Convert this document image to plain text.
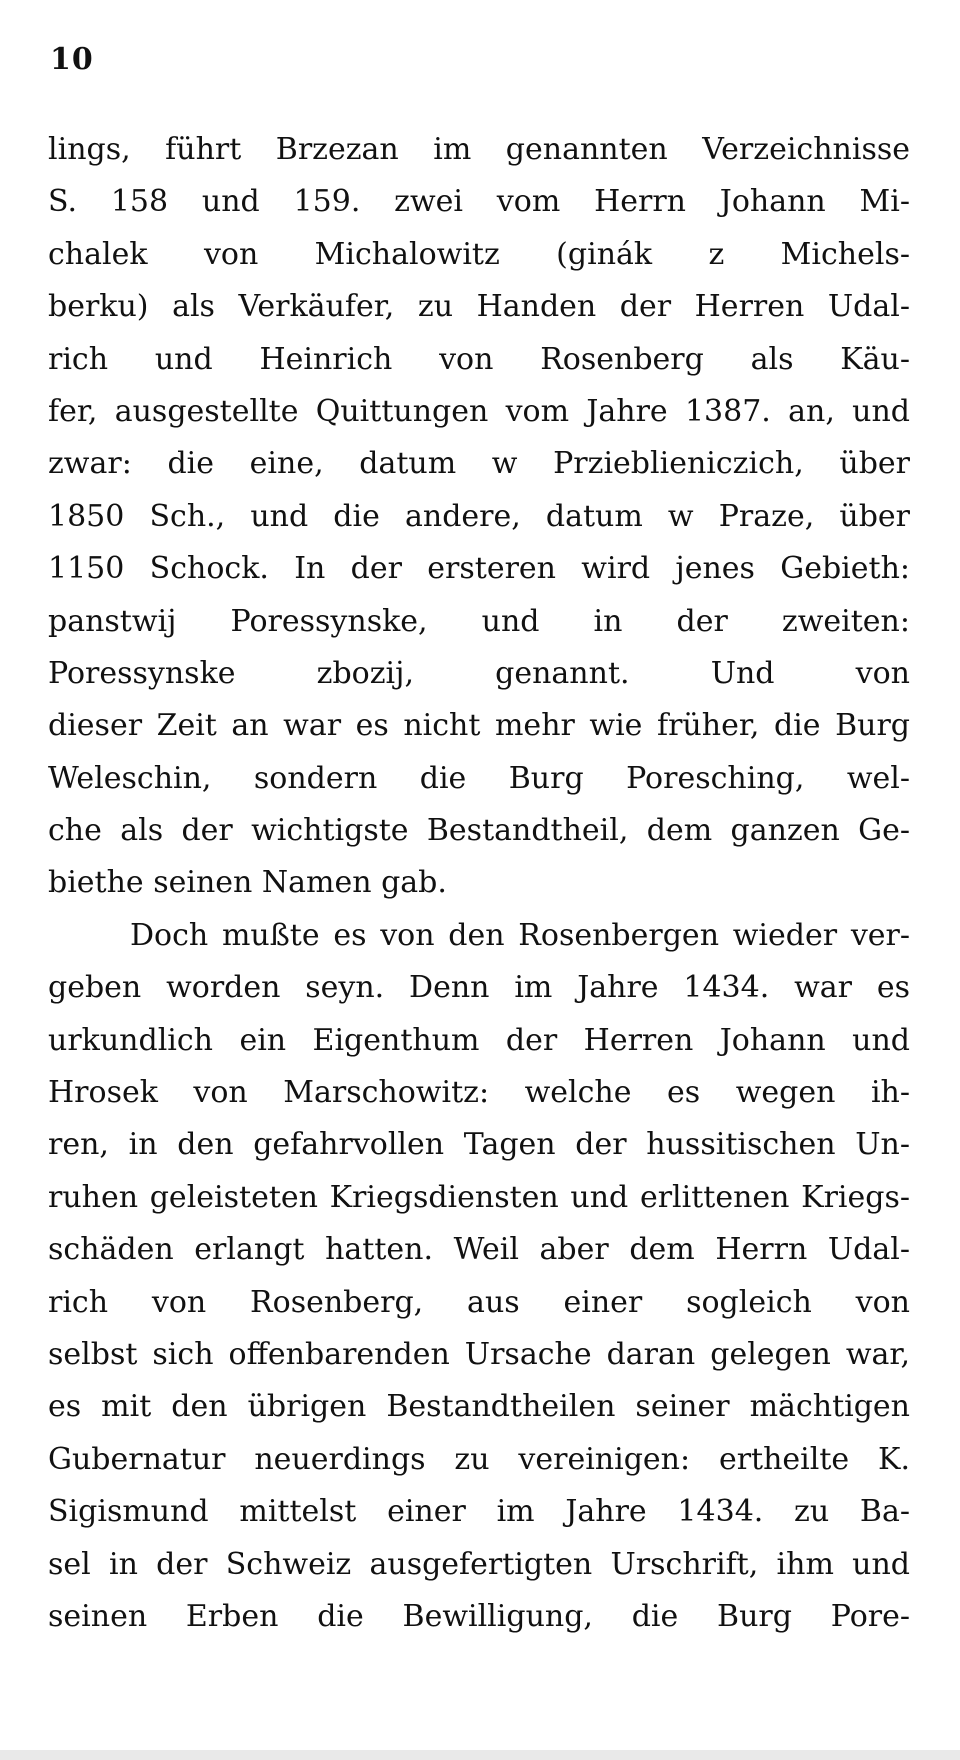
10
lings, führt Brzezan im genannten Verzeichnisse
S. 158 und 159. zwei vom Herrn Johann Mi-
chalek von Michalowitz (ginák z Michels-
berku) als Verkäufer, zu Handen der Herren Udal-
rich und Heinrich von Rosenberg als Käu-
fer, ausgestellte Quittungen vom Jahre 1387. an, und
zwar: die eine, datum w Przieblieniczich, über
1850 Sch., und die andere, datum w Praze, über
1150 Schock. In der ersteren wird jenes Gebieth:
panstwij Poressynske, und in der zweiten:
Poressynske zbozij, genannt. Und von
dieser Zeit an war es nicht mehr wie früher, die Burg
Weleschin, sondern die Burg Poresching, wel-
che als der wichtigste Bestandtheil, dem ganzen Ge-
biethe seinen Namen gab.
Doch mußte es von den Rosenbergen wieder ver-
geben worden seyn. Denn im Jahre 1434. war es
urkundlich ein Eigenthum der Herren Johann und
Hrosek von Marschowitz: welche es wegen ih-
ren, in den gefahrvollen Tagen der hussitischen Un-
ruhen geleisteten Kriegsdiensten und erlittenen Kriegs-
schäden erlangt hatten. Weil aber dem Herrn Udal-
rich von Rosenberg, aus einer sogleich von
selbst sich offenbarenden Ursache daran gelegen war,
es mit den übrigen Bestandtheilen seiner mächtigen
Gubernatur neuerdings zu vereinigen: ertheilte K.
Sigismund mittelst einer im Jahre 1434. zu Ba-
sel in der Schweiz ausgefertigten Urschrift, ihm und
seinen Erben die Bewilligung, die Burg Pore-
